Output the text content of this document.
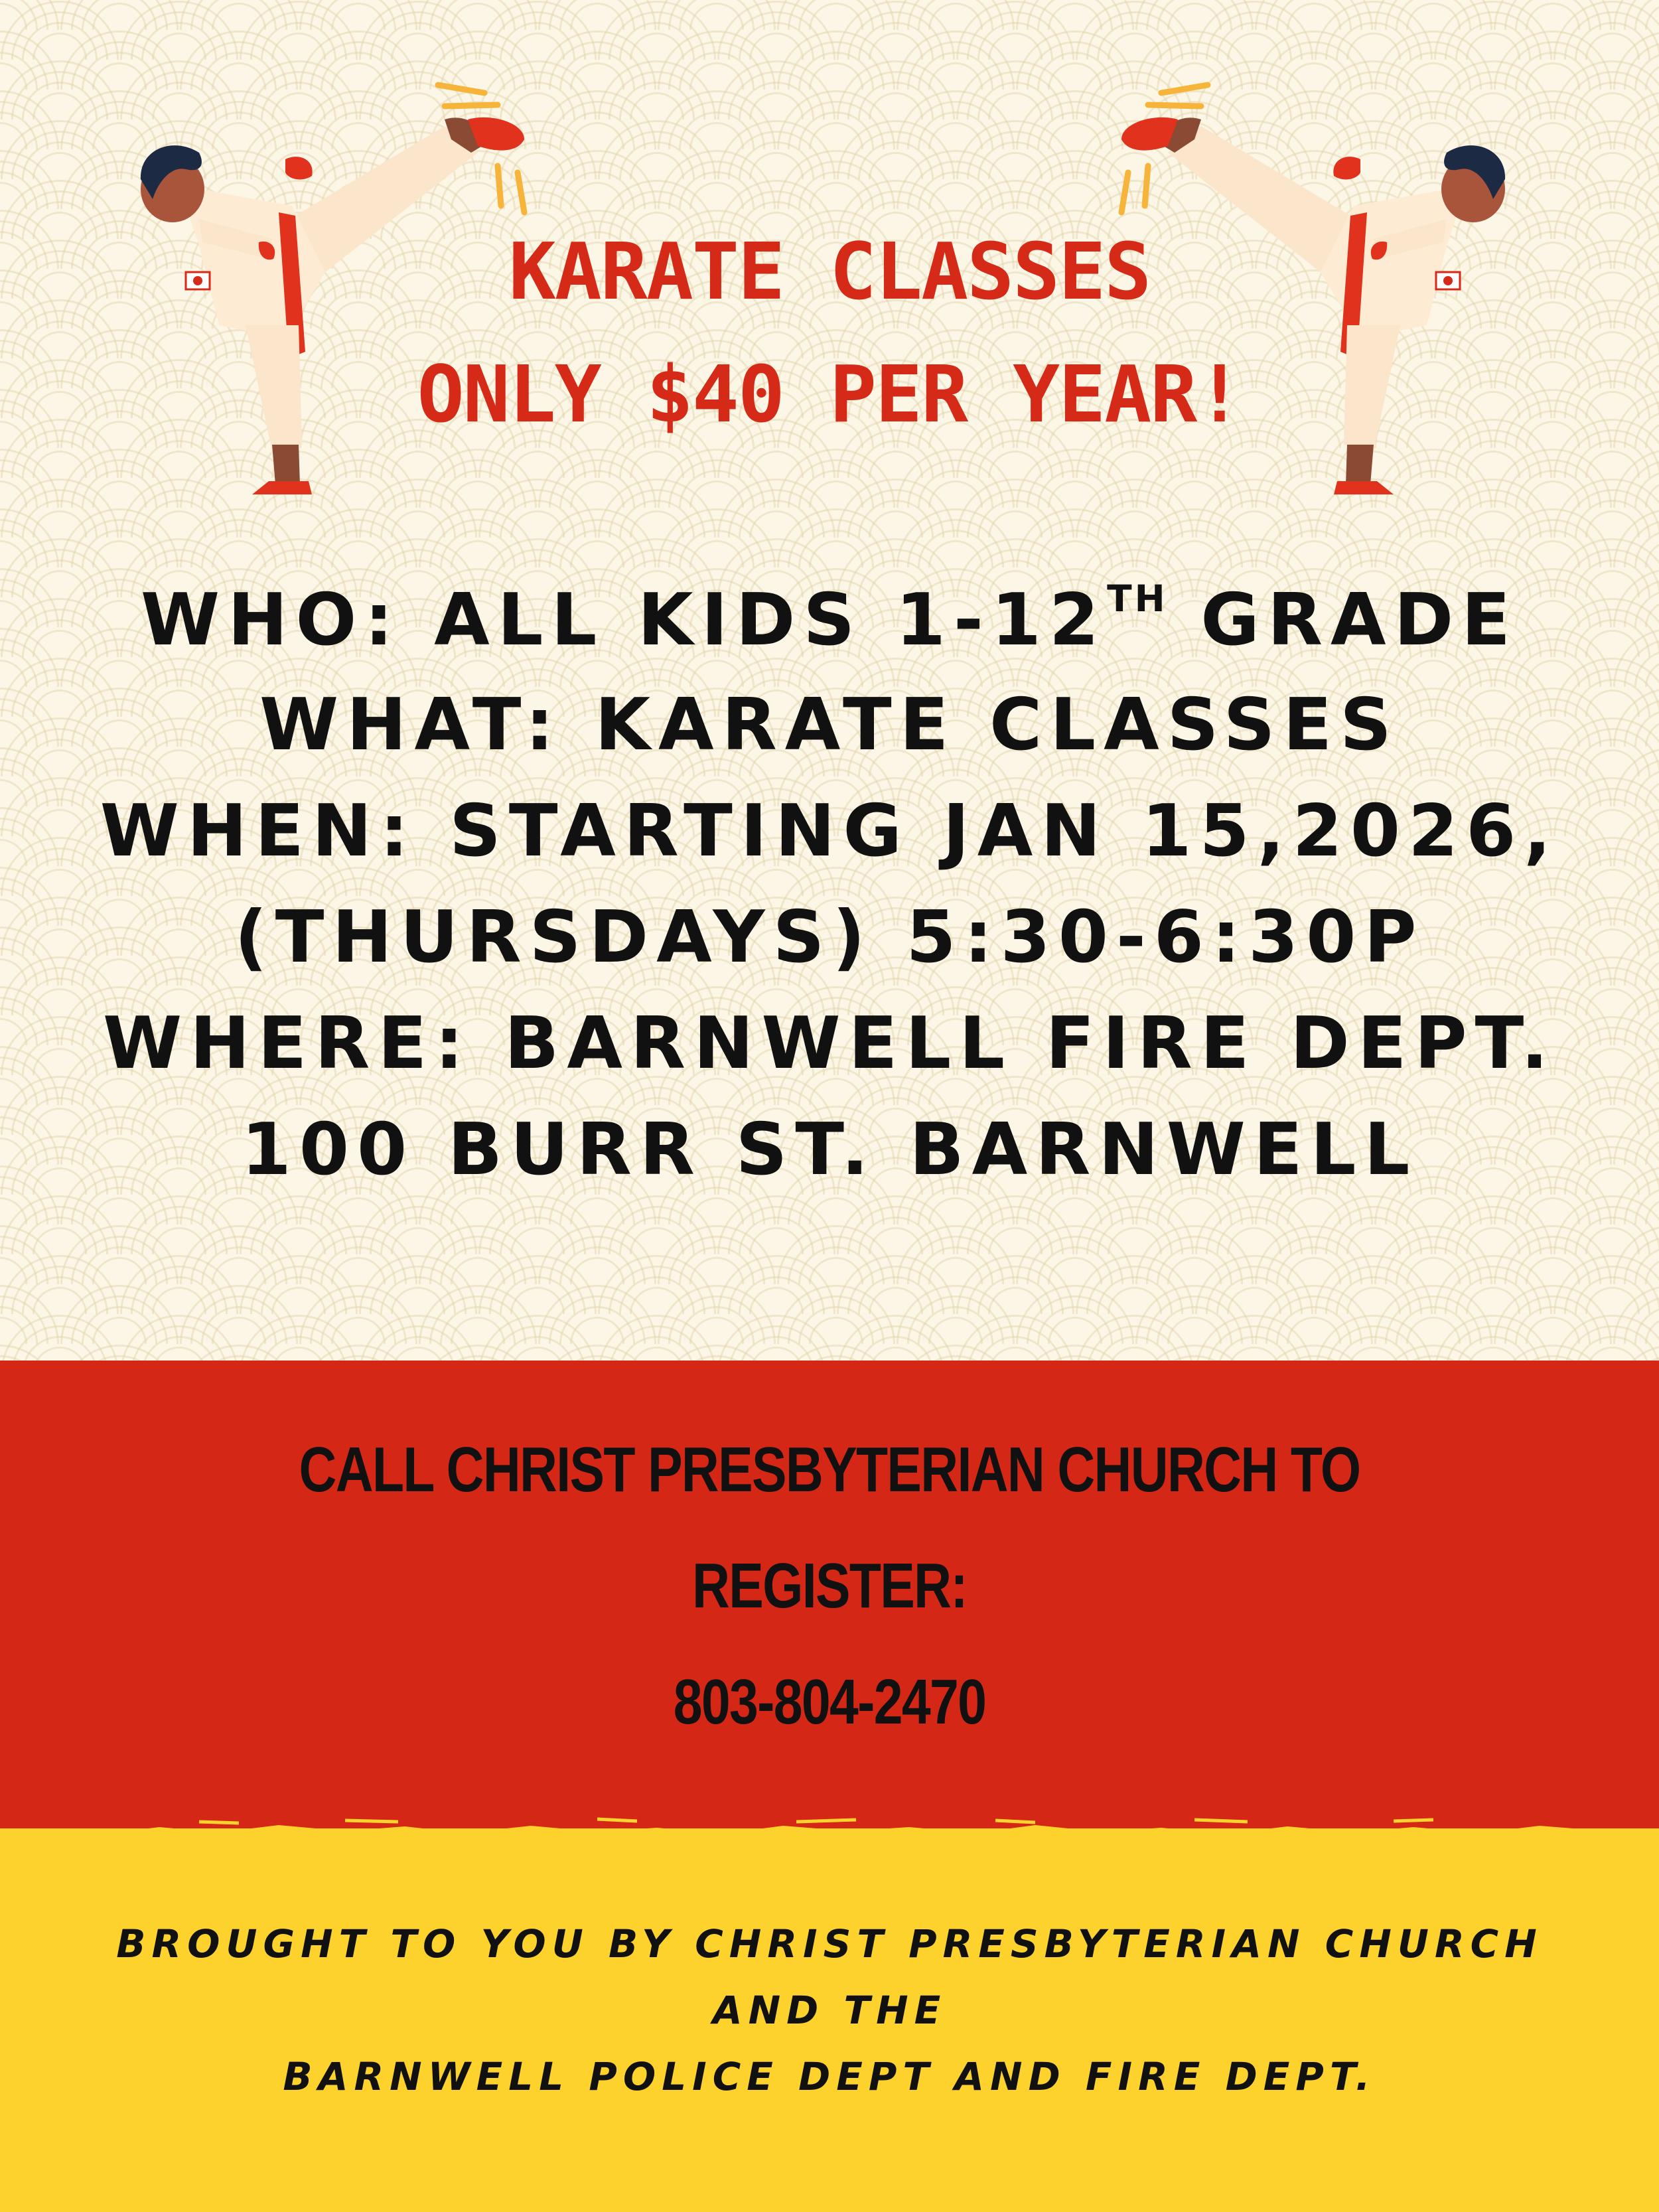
KARATE CLASSES
ONLY $40 PER YEAR!
WHO: ALL KIDS 1-12TH GRADE
WHAT: KARATE CLASSES
WHEN: STARTING JAN 15,2026,
(THURSDAYS) 5:30-6:30P
WHERE: BARNWELL FIRE DEPT.
100 BURR ST. BARNWELL
CALL CHRIST PRESBYTERIAN CHURCH TO
REGISTER:
803-804-2470
BROUGHT TO YOU BY CHRIST PRESBYTERIAN CHURCH
AND THE
BARNWELL POLICE DEPT AND FIRE DEPT.
